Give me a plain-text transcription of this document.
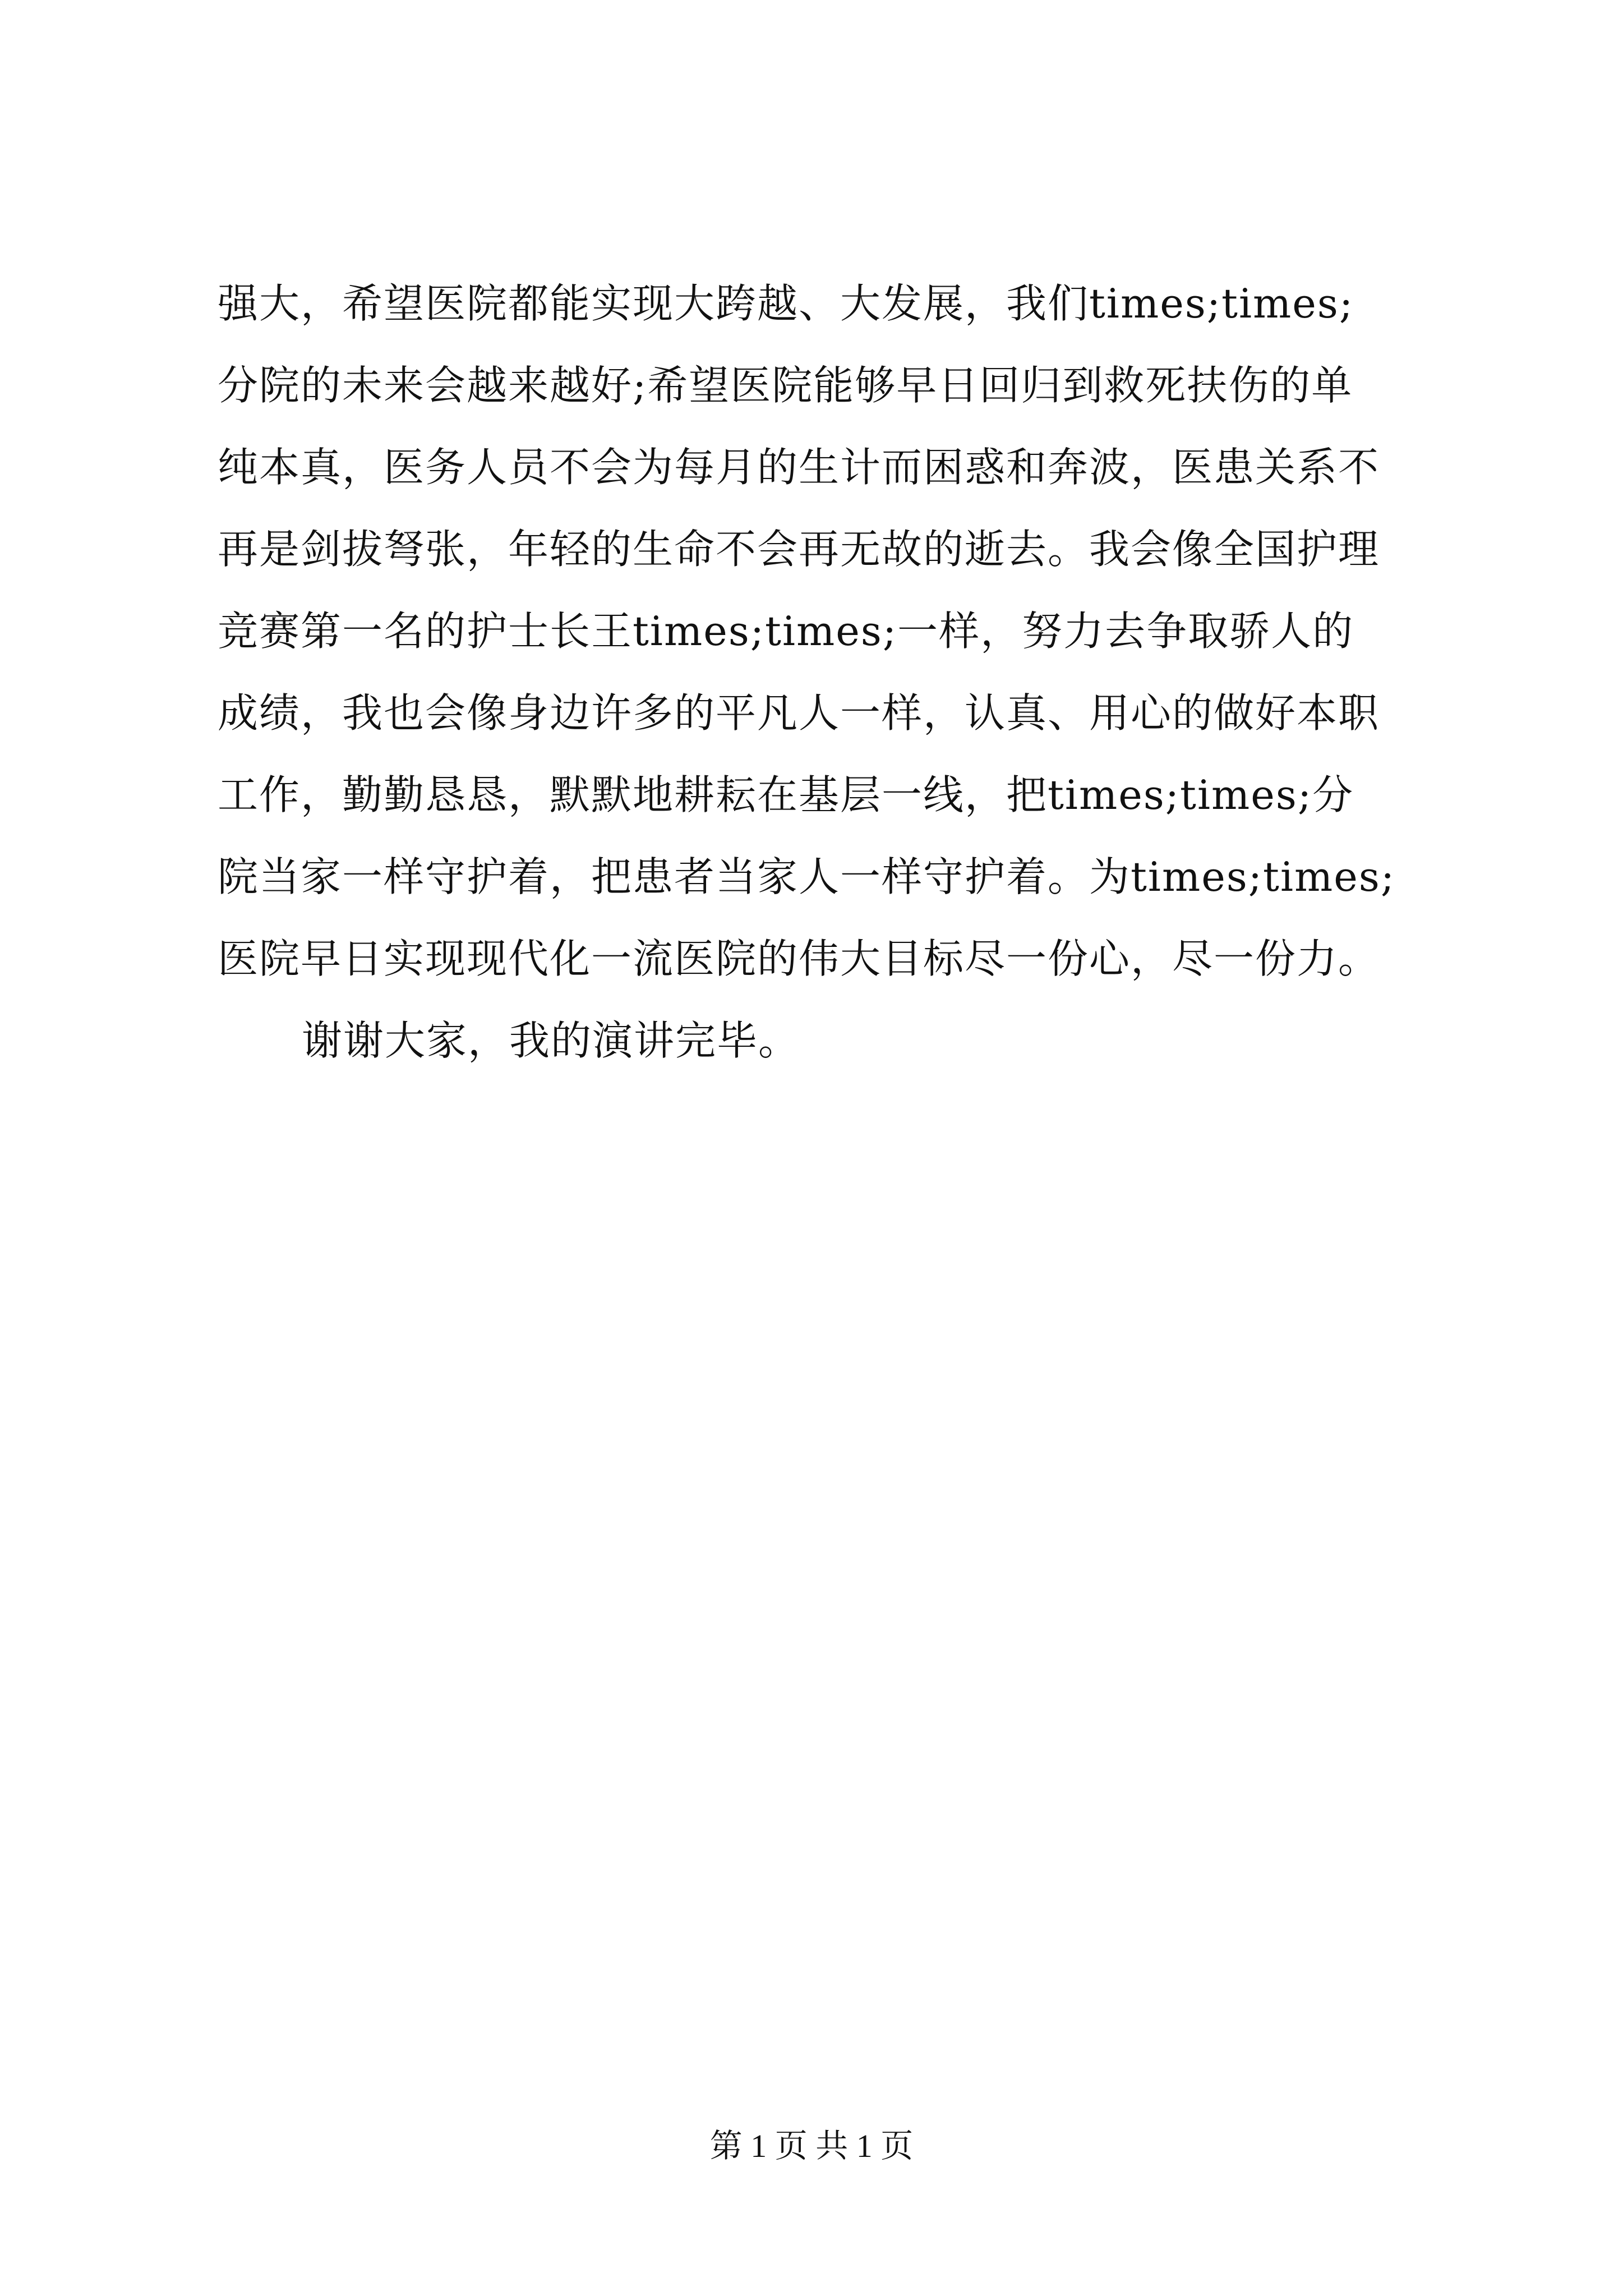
强大，希望医院都能实现大跨越、大发展，我们times;times;
分院的未来会越来越好;希望医院能够早日回归到救死扶伤的单
纯本真，医务人员不会为每月的生计而困惑和奔波，医患关系不
再是剑拔弩张，年轻的生命不会再无故的逝去。我会像全国护理
竞赛第一名的护士长王times;times;一样，努力去争取骄人的
成绩，我也会像身边许多的平凡人一样，认真、用心的做好本职
工作，勤勤恳恳，默默地耕耘在基层一线，把times;times;分
院当家一样守护着，把患者当家人一样守护着。为times;times;
医院早日实现现代化一流医院的伟大目标尽一份心，尽一份力。
谢谢大家，我的演讲完毕。
第 1 页 共 1 页
